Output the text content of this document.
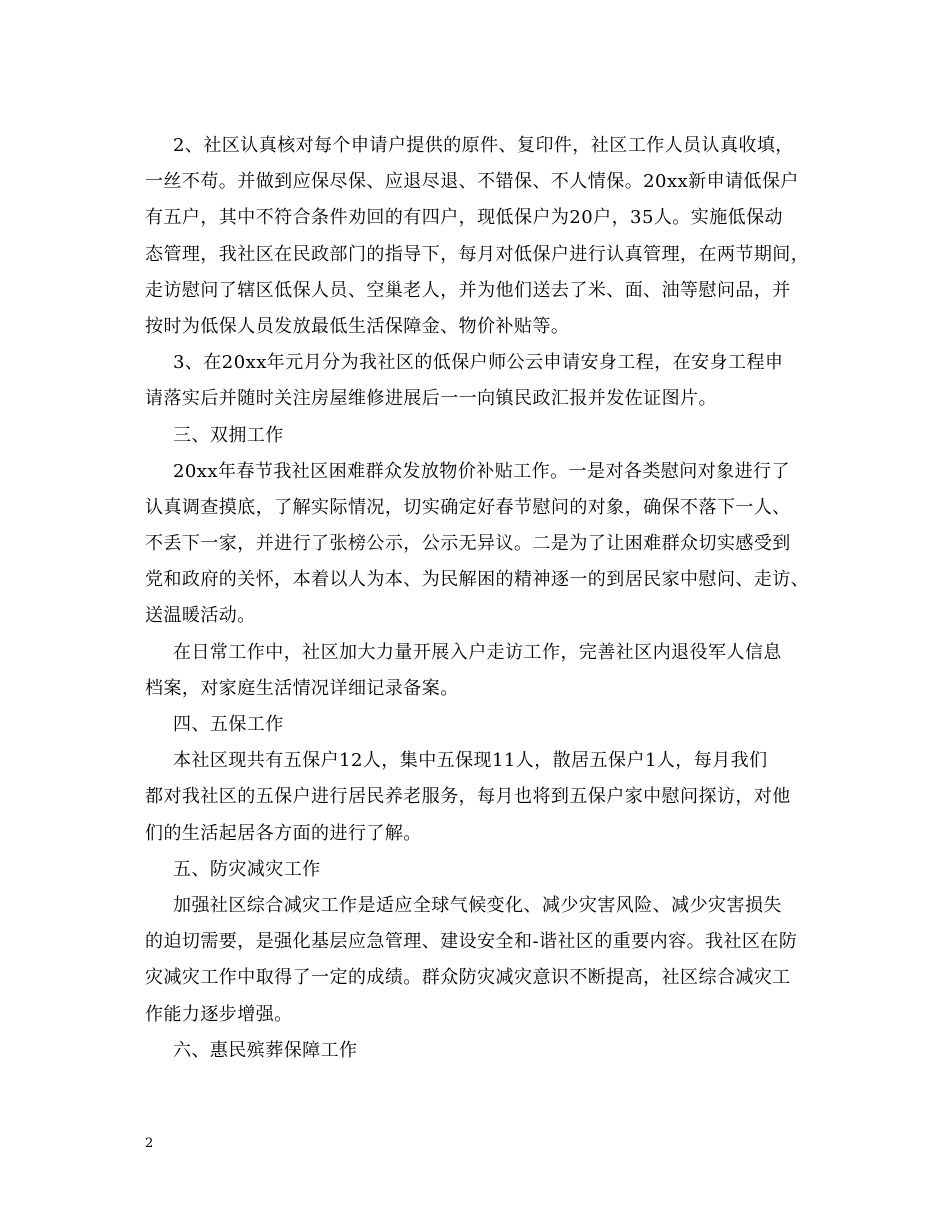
2、社区认真核对每个申请户提供的原件、复印件，社区工作人员认真收填，
一丝不苟。并做到应保尽保、应退尽退、不错保、不人情保。20xx新申请低保户
有五户，其中不符合条件劝回的有四户，现低保户为20户，35人。实施低保动
态管理，我社区在民政部门的指导下，每月对低保户进行认真管理，在两节期间，
走访慰问了辖区低保人员、空巢老人，并为他们送去了米、面、油等慰问品，并
按时为低保人员发放最低生活保障金、物价补贴等。
3、在20xx年元月分为我社区的低保户师公云申请安身工程，在安身工程申
请落实后并随时关注房屋维修进展后一一向镇民政汇报并发佐证图片。
三、双拥工作
20xx年春节我社区困难群众发放物价补贴工作。一是对各类慰问对象进行了
认真调查摸底，了解实际情况，切实确定好春节慰问的对象，确保不落下一人、
不丢下一家，并进行了张榜公示，公示无异议。二是为了让困难群众切实感受到
党和政府的关怀，本着以人为本、为民解困的精神逐一的到居民家中慰问、走访、
送温暖活动。
在日常工作中，社区加大力量开展入户走访工作，完善社区内退役军人信息
档案，对家庭生活情况详细记录备案。
四、五保工作
本社区现共有五保户12人，集中五保现11人，散居五保户1人，每月我们
都对我社区的五保户进行居民养老服务，每月也将到五保户家中慰问探访，对他
们的生活起居各方面的进行了解。
五、防灾减灾工作
加强社区综合减灾工作是适应全球气候变化、减少灾害风险、减少灾害损失
的迫切需要，是强化基层应急管理、建设安全和-谐社区的重要内容。我社区在防
灾减灾工作中取得了一定的成绩。群众防灾减灾意识不断提高，社区综合减灾工
作能力逐步增强。
六、惠民殡葬保障工作
2
